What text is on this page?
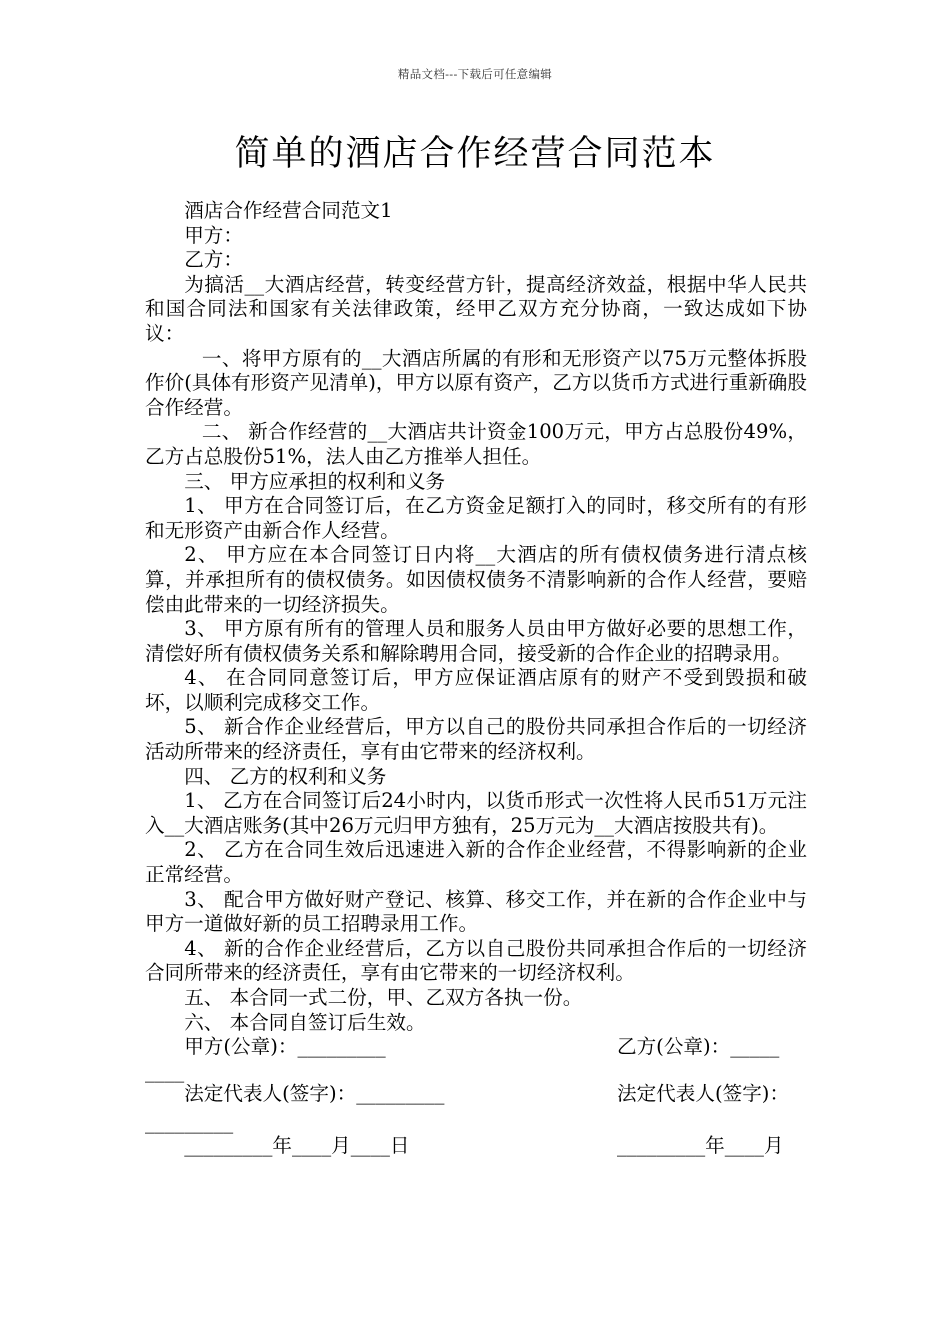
精品文档---下载后可任意编辑
简单的酒店合作经营合同范本

酒店合作经营合同范文1

甲方：

乙方：

为搞活__大酒店经营，转变经营方针，提高经济效益，根据中华人民共和国合同法和国家有关法律政策，经甲乙双方充分协商，一致达成如下协议：

一、将甲方原有的__大酒店所属的有形和无形资产以75万元整体拆股作价(具体有形资产见清单)，甲方以原有资产，乙方以货币方式进行重新确股合作经营。

二、 新合作经营的__大酒店共计资金100万元，甲方占总股份49%，乙方占总股份51%，法人由乙方推举人担任。

三、 甲方应承担的权利和义务

1、 甲方在合同签订后，在乙方资金足额打入的同时，移交所有的有形和无形资产由新合作人经营。

2、 甲方应在本合同签订日内将__大酒店的所有债权债务进行清点核算，并承担所有的债权债务。如因债权债务不清影响新的合作人经营，要赔偿由此带来的一切经济损失。

3、 甲方原有所有的管理人员和服务人员由甲方做好必要的思想工作，清偿好所有债权债务关系和解除聘用合同，接受新的合作企业的招聘录用。

4、 在合同同意签订后，甲方应保证酒店原有的财产不受到毁损和破坏，以顺利完成移交工作。

5、 新合作企业经营后，甲方以自己的股份共同承担合作后的一切经济活动所带来的经济责任，享有由它带来的经济权利。

四、 乙方的权利和义务

1、 乙方在合同签订后24小时内，以货币形式一次性将人民币51万元注入__大酒店账务(其中26万元归甲方独有，25万元为__大酒店按股共有)。

2、 乙方在合同生效后迅速进入新的合作企业经营，不得影响新的企业正常经营。

3、 配合甲方做好财产登记、核算、移交工作，并在新的合作企业中与甲方一道做好新的员工招聘录用工作。

4、 新的合作企业经营后，乙方以自己股份共同承担合作后的一切经济合同所带来的经济责任，享有由它带来的一切经济权利。

五、 本合同一式二份，甲、乙双方各执一份。

六、 本合同自签订后生效。

甲方(公章)：_________	乙方(公章)：_____
____
法定代表人(签字)：_________	法定代表人(签字)：
_________
_________年____月____日	_________年____月
